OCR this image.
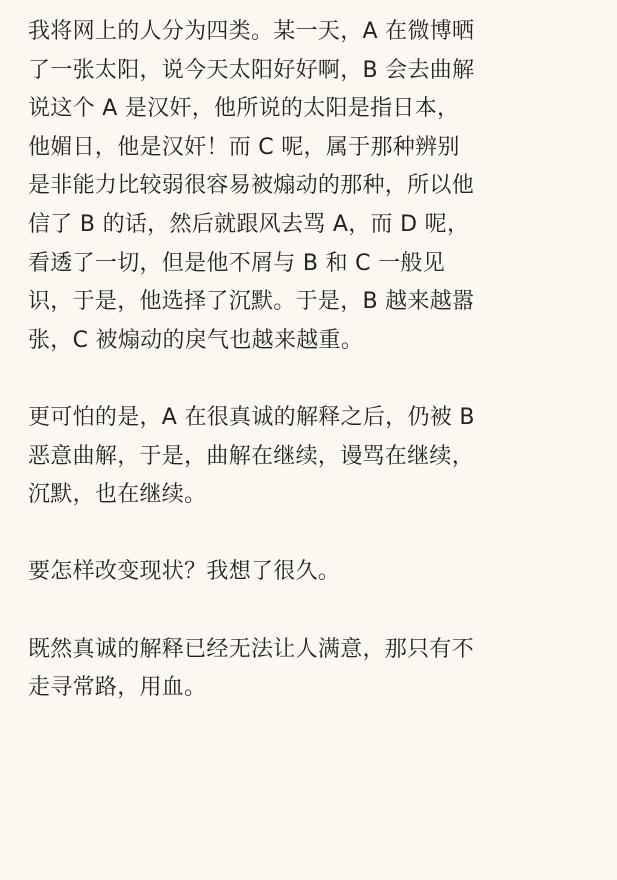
我将网上的人分为四类。某一天，A 在微博晒
了一张太阳，说今天太阳好好啊，B 会去曲解
说这个 A 是汉奸，他所说的太阳是指日本，
他媚日，他是汉奸！而 C 呢，属于那种辨别
是非能力比较弱很容易被煽动的那种，所以他
信了 B 的话，然后就跟风去骂 A，而 D 呢，
看透了一切，但是他不屑与 B 和 C 一般见
识，于是，他选择了沉默。于是，B 越来越嚣
张，C 被煽动的戾气也越来越重。
更可怕的是，A 在很真诚的解释之后，仍被 B
恶意曲解，于是，曲解在继续，谩骂在继续，
沉默，也在继续。
要怎样改变现状？我想了很久。
既然真诚的解释已经无法让人满意，那只有不
走寻常路，用血。
